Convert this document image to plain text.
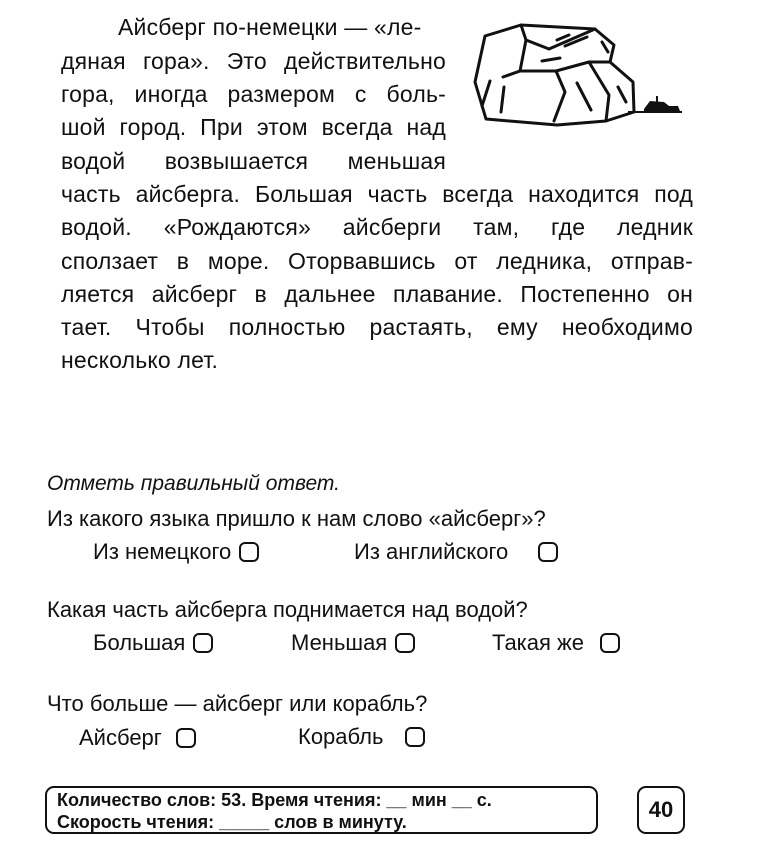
Айсберг по-немецки — «ле-
дяная гора». Это действительно
гора, иногда размером с боль-
шой город. При этом всегда над
водой возвышается меньшая
часть айсберга. Большая часть всегда находится под
водой. «Рождаются» айсберги там, где ледник
сползает в море. Оторвавшись от ледника, отправ-
ляется айсберг в дальнее плавание. Постепенно он
тает. Чтобы полностью растаять, ему необходимо
несколько лет.
Отметь правильный ответ.
Из какого языка пришло к нам слово «айсберг»?
Из немецкого	Из английского
Какая часть айсберга поднимается над водой?
Большая	Меньшая	Такая же
Что больше — айсберг или корабль?
Айсберг	Корабль
Количество слов: 53. Время чтения: __ мин __ с.
Скорость чтения: _____ слов в минуту.	40
